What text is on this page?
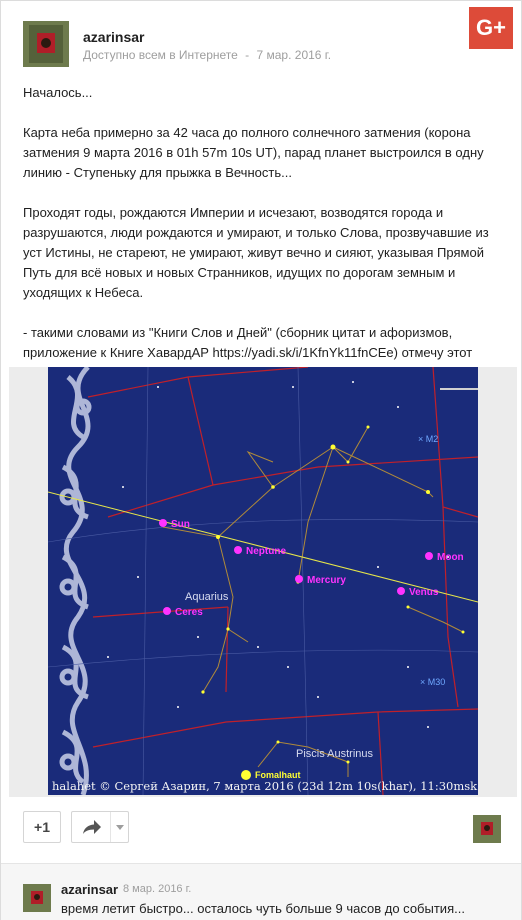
azarinsar
Доступно всем в Интернете - 7 мар. 2016 г.
G+

Началось...

Карта неба примерно за 42 часа до полного солнечного затмения (корона затмения 9 марта 2016 в 01h 57m 10s UT), парад планет выстроился в одну линию - Ступеньку для прыжка в Вечность...

Проходят годы, рождаются Империи и исчезают, возводятся города и разрушаются, люди рождаются и умирают, и только Слова, прозвучавшие из уст Истины, не стареют, не умирают, живут вечно и сияют, указывая Прямой Путь для всё новых и новых Странников, идущих по дорогам земным и уходящих к Небеса.

- такими словами из "Книги Слов и Дней" (сборник цитат и афоризмов, приложение к Книге ХавардАР https://yadi.sk/i/1KfnYk11fnCEe) отмечу этот

× M2
× M30
Sun
Neptune
Mercury
Moon
Venus
Ceres
Aquarius
Piscis Austrinus
Fomalhaut
halahet © Сергей Азарин, 7 марта 2016 (23d 12m 10s(khar), 11:30msk
+1
azarinsar 8 мар. 2016 г.
время летит быстро... осталось чуть больше 9 часов до события...
